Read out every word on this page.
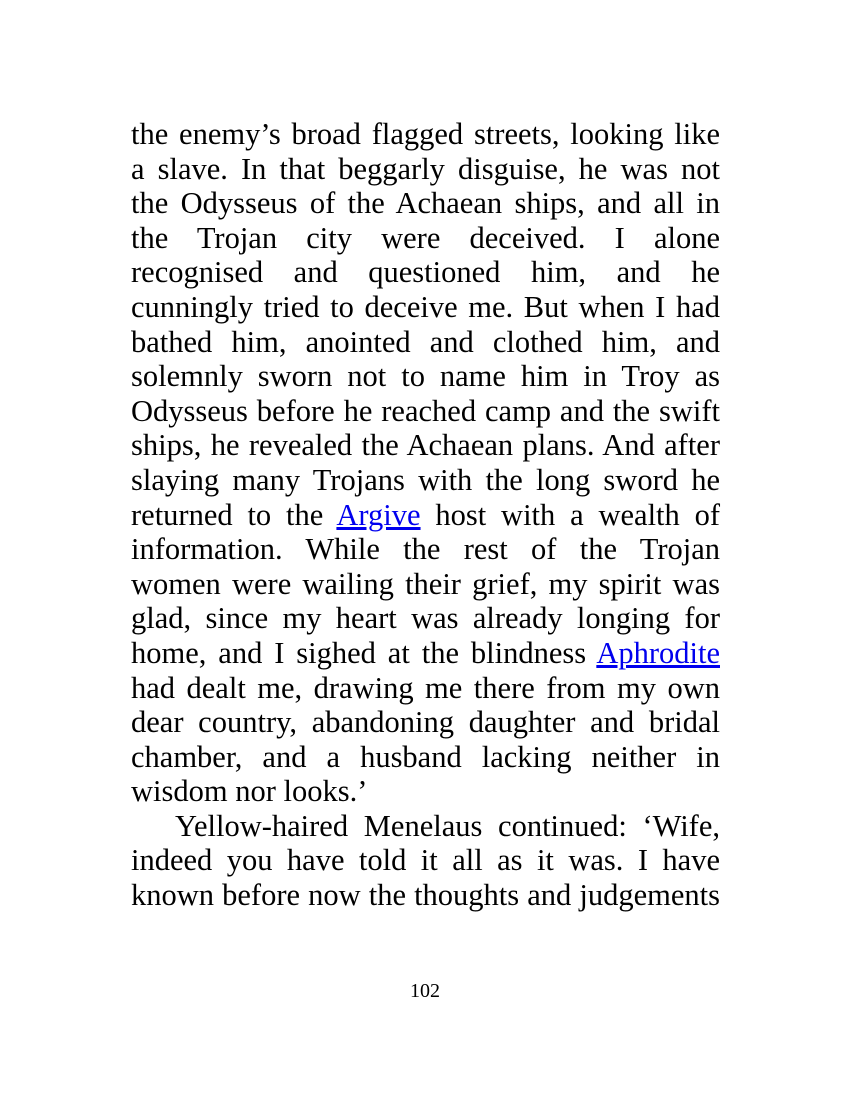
the enemy’s broad flagged streets, looking like
a slave. In that beggarly disguise, he was not
the Odysseus of the Achaean ships, and all in
the Trojan city were deceived. I alone
recognised and questioned him, and he
cunningly tried to deceive me. But when I had
bathed him, anointed and clothed him, and
solemnly sworn not to name him in Troy as
Odysseus before he reached camp and the swift
ships, he revealed the Achaean plans. And after
slaying many Trojans with the long sword he
returned to the Argive host with a wealth of
information. While the rest of the Trojan
women were wailing their grief, my spirit was
glad, since my heart was already longing for
home, and I sighed at the blindness Aphrodite
had dealt me, drawing me there from my own
dear country, abandoning daughter and bridal
chamber, and a husband lacking neither in
wisdom nor looks.’
Yellow-haired Menelaus continued: ‘Wife,
indeed you have told it all as it was. I have
known before now the thoughts and judgements
102
